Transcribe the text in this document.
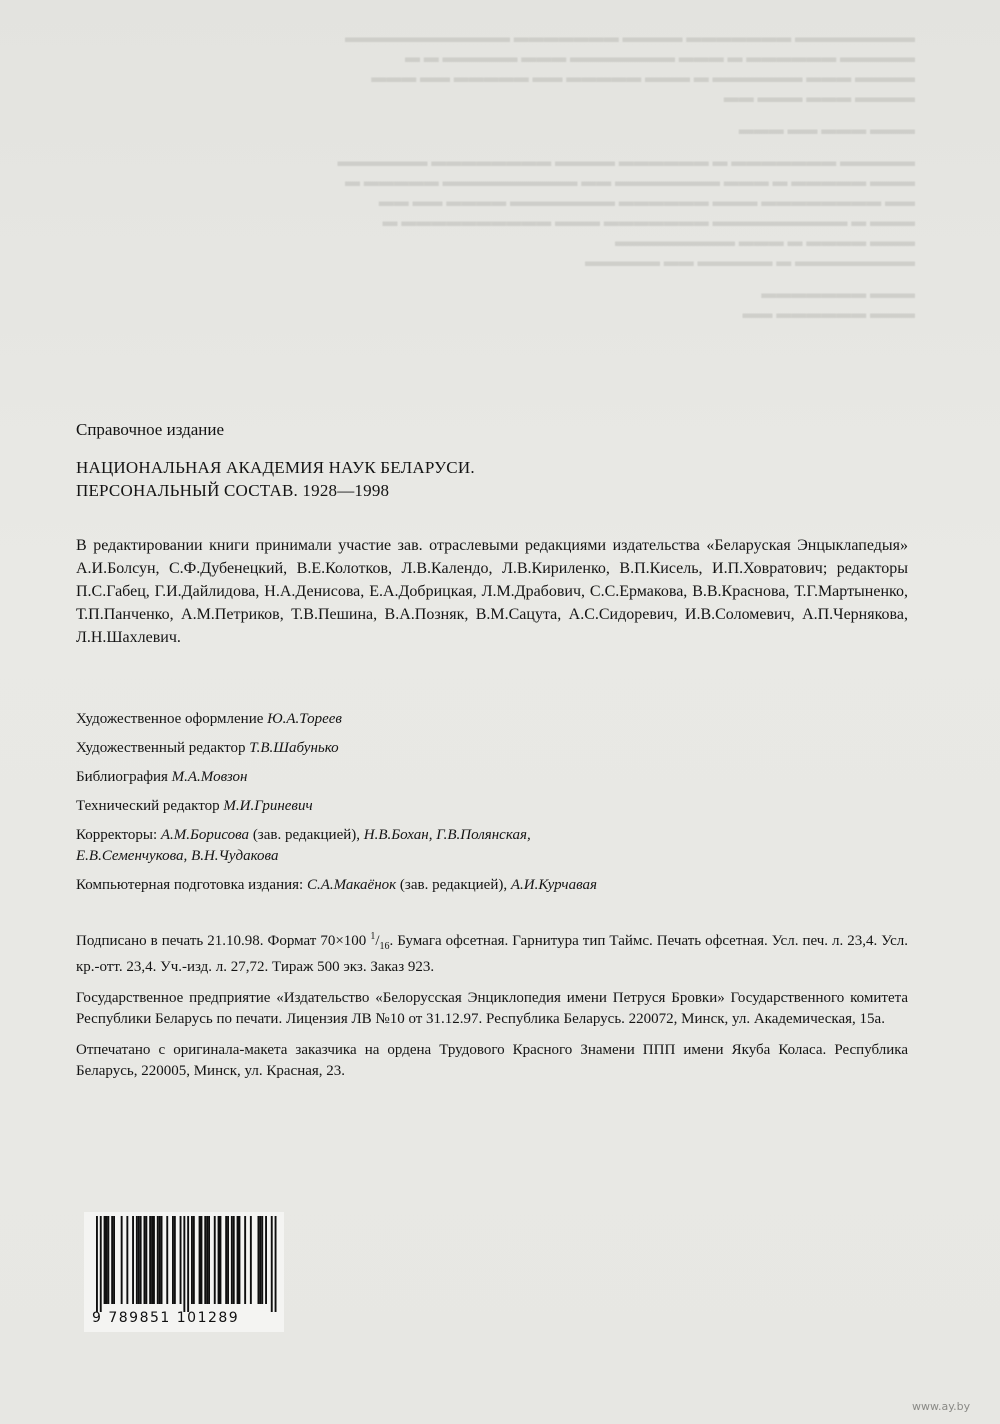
▬▬▬▬▬▬▬▬ ▬▬▬▬▬▬▬ ▬▬▬▬ ▬▬▬▬▬▬▬ ▬▬▬▬▬▬▬▬▬▬▬
▬▬▬▬▬ ▬▬▬▬▬▬ ▬ ▬▬▬ ▬▬▬▬▬▬▬ ▬▬▬ ▬▬▬▬▬ ▬ ▬
▬▬▬▬ ▬▬▬ ▬▬▬▬▬▬ ▬ ▬▬▬ ▬▬▬▬▬ ▬▬ ▬▬▬▬▬ ▬▬ ▬▬▬
▬▬▬▬ ▬▬▬ ▬▬▬ ▬▬

▬▬▬ ▬▬▬ ▬▬ ▬▬▬

▬▬▬▬▬ ▬▬▬▬▬▬▬ ▬ ▬▬▬▬▬▬ ▬▬▬▬ ▬▬▬▬▬▬▬▬ ▬▬▬▬▬▬
▬▬▬ ▬▬▬▬▬ ▬ ▬▬▬ ▬▬▬▬▬▬▬ ▬▬ ▬▬▬▬▬▬▬▬▬ ▬▬▬▬▬ ▬
▬▬ ▬▬▬▬▬▬▬▬ ▬▬▬ ▬▬▬▬▬▬ ▬▬▬▬▬▬▬ ▬▬▬▬ ▬▬ ▬▬
▬▬▬ ▬ ▬▬▬▬▬▬▬▬▬ ▬▬▬▬▬▬▬ ▬▬▬ ▬▬▬▬▬▬▬▬▬▬ ▬
▬▬▬ ▬▬▬▬ ▬ ▬▬▬ ▬▬▬▬▬▬▬▬
▬▬▬▬▬▬▬▬ ▬ ▬▬▬▬▬ ▬▬ ▬▬▬▬▬

▬▬▬ ▬▬▬▬▬▬▬
▬▬▬ ▬▬▬▬▬▬ ▬▬

Справочное издание

НАЦИОНАЛЬНАЯ АКАДЕМИЯ НАУК БЕЛАРУСИ.
ПЕРСОНАЛЬНЫЙ СОСТАВ. 1928—1998

В редактировании книги принимали участие зав. отраслевыми редакциями издательства «Беларуская Энцыклапедыя» А.И.Болсун, С.Ф.Дубенецкий, В.Е.Колотков, Л.В.Календо, Л.В.Кириленко, В.П.Кисель, И.П.Ховратович; редакторы П.С.Габец, Г.И.Дайлидова, Н.А.Денисова, Е.А.Добрицкая, Л.М.Драбович, С.С.Ермакова, В.В.Краснова, Т.Г.Мартыненко, Т.П.Панченко, А.М.Петриков, Т.В.Пешина, В.А.Позняк, В.М.Сацута, А.С.Сидоревич, И.В.Соломевич, А.П.Чернякова, Л.Н.Шахлевич.

Художественное оформление Ю.А.Тореев

Художественный редактор Т.В.Шабунько

Библиография М.А.Мовзон

Технический редактор М.И.Гриневич

Корректоры: А.М.Борисова (зав. редакцией), Н.В.Бохан, Г.В.Полянская,
Е.В.Семенчукова, В.Н.Чудакова

Компьютерная подготовка издания: С.А.Макаёнок (зав. редакцией), А.И.Курчавая

Подписано в печать 21.10.98. Формат 70×100 $^1/_{16}$. Бумага офсетная. Гарнитура тип Таймс. Печать офсетная. Усл. печ. л. 23,4. Усл. кр.-отт. 23,4. Уч.-изд. л. 27,72. Тираж 500 экз. Заказ 923.

Государственное предприятие «Издательство «Белорусская Энциклопедия имени Петруся Бровки» Государственного комитета Республики Беларусь по печати. Лицензия ЛВ №10 от 31.12.97. Республика Беларусь. 220072, Минск, ул. Академическая, 15а.

Отпечатано с оригинала-макета заказчика на ордена Трудового Красного Знамени ППП имени Якуба Коласа. Республика Беларусь, 220005, Минск, ул. Красная, 23.

9 789851 101289
www.ay.by
